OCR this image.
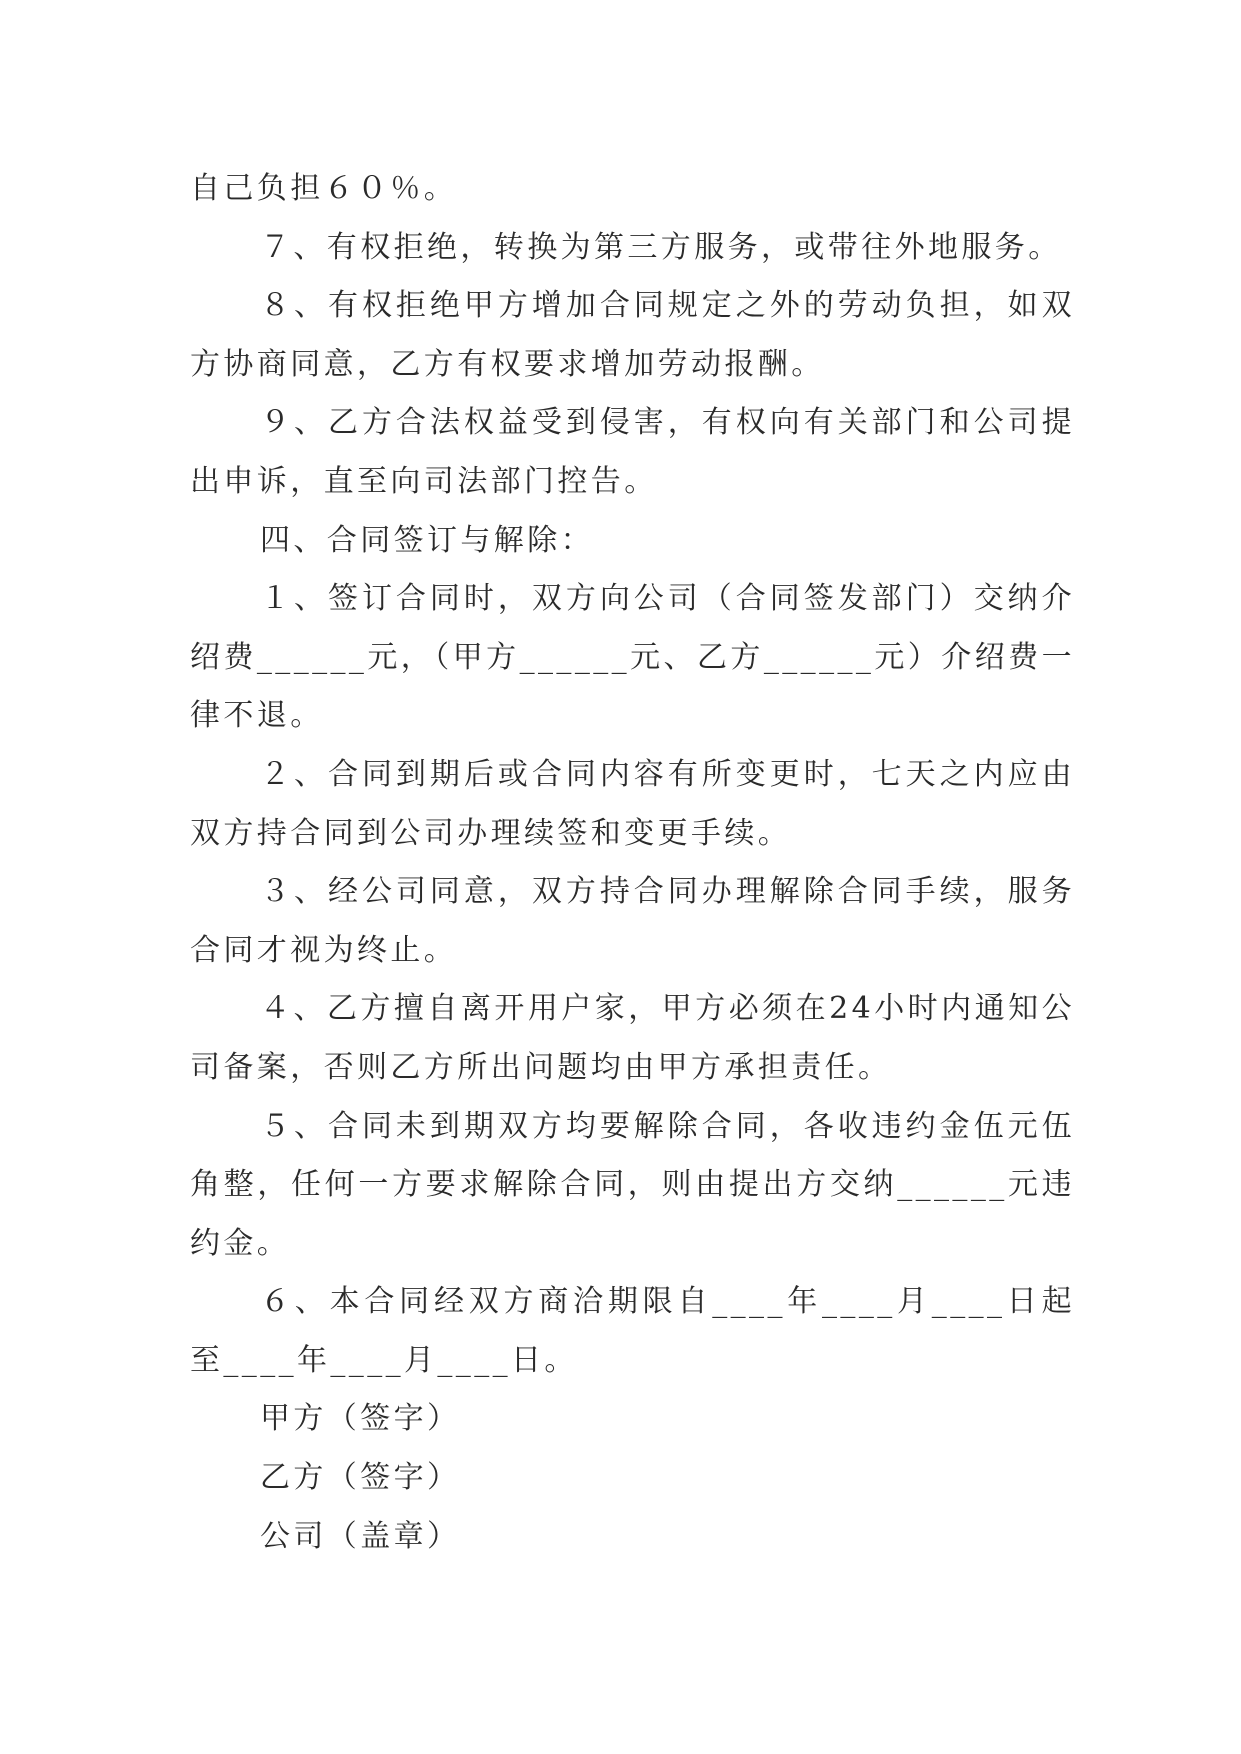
自己负担６０％。

７、有权拒绝，转换为第三方服务，或带往外地服务。

８、有权拒绝甲方增加合同规定之外的劳动负担，如双方协商同意，乙方有权要求增加劳动报酬。

９、乙方合法权益受到侵害，有权向有关部门和公司提出申诉，直至向司法部门控告。

四、合同签订与解除：

１、签订合同时，双方向公司（合同签发部门）交纳介绍费______元，（甲方______元、乙方______元）介绍费一律不退。

２、合同到期后或合同内容有所变更时，七天之内应由双方持合同到公司办理续签和变更手续。

３、经公司同意，双方持合同办理解除合同手续，服务合同才视为终止。

４、乙方擅自离开用户家，甲方必须在24小时内通知公司备案，否则乙方所出问题均由甲方承担责任。

５、合同未到期双方均要解除合同，各收违约金伍元伍角整，任何一方要求解除合同，则由提出方交纳______元违约金。

６、本合同经双方商洽期限自____年____月____日起至____年____月____日。

甲方（签字）

乙方（签字）

公司（盖章）
